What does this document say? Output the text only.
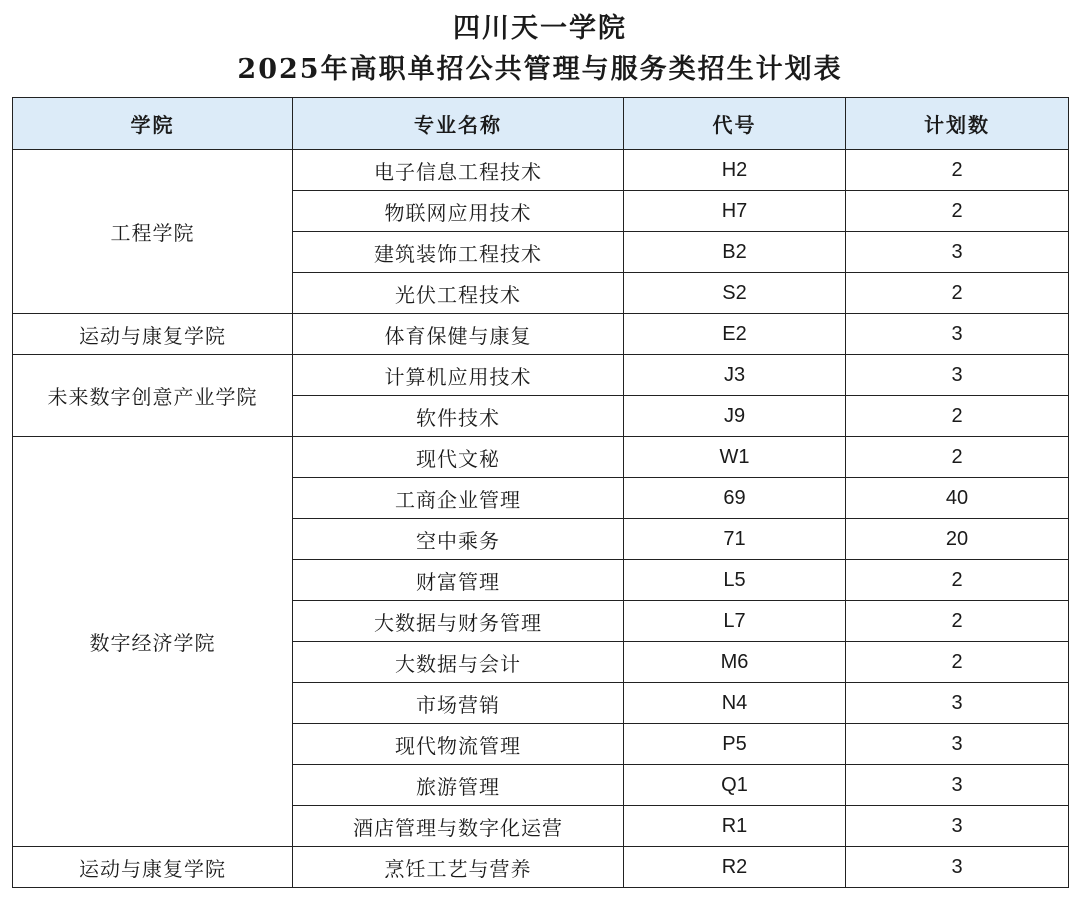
四川天一学院
2025年高职单招公共管理与服务类招生计划表
学院	专业名称	代号	计划数
工程学院	电子信息工程技术	H2	2
	物联网应用技术	H7	2
	建筑装饰工程技术	B2	3
	光伏工程技术	S2	2
运动与康复学院	体育保健与康复	E2	3
未来数字创意产业学院	计算机应用技术	J3	3
	软件技术	J9	2
数字经济学院	现代文秘	W1	2
	工商企业管理	69	40
	空中乘务	71	20
	财富管理	L5	2
	大数据与财务管理	L7	2
	大数据与会计	M6	2
	市场营销	N4	3
	现代物流管理	P5	3
	旅游管理	Q1	3
	酒店管理与数字化运营	R1	3
运动与康复学院	烹饪工艺与营养	R2	3
